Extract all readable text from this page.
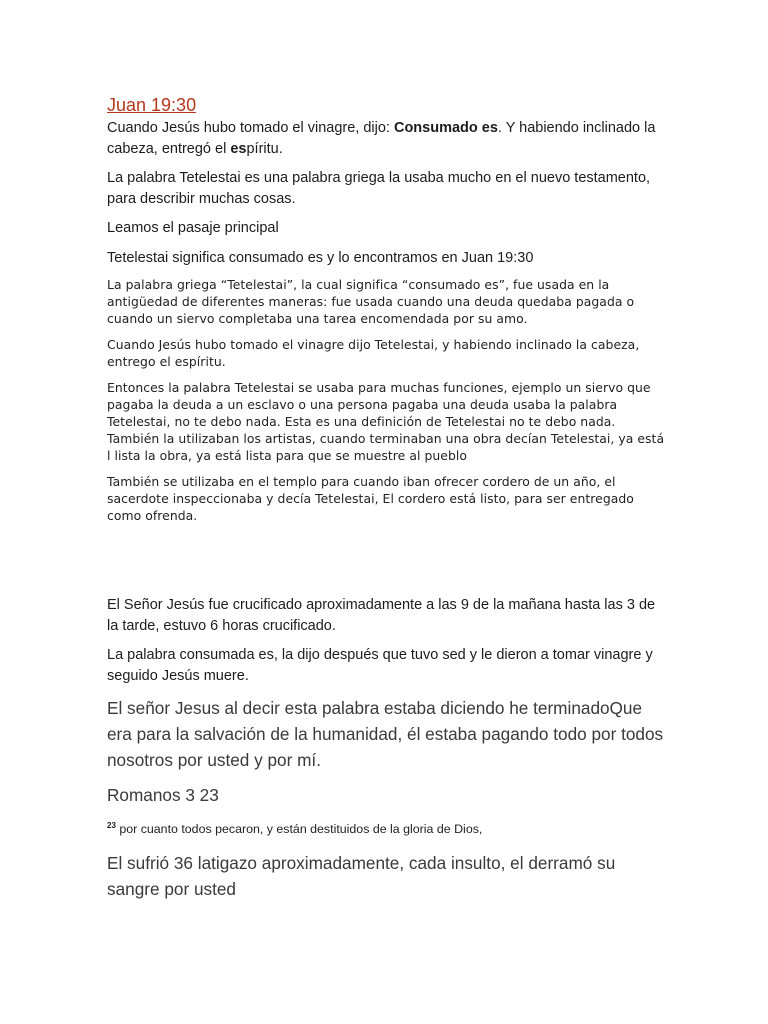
Juan 19:30

Cuando Jesús hubo tomado el vinagre, dijo: Consumado es. Y habiendo inclinado la cabeza, entregó el espíritu.

La palabra Tetelestai es una palabra griega la usaba mucho en el nuevo testamento, para describir muchas cosas.

Leamos el pasaje principal

Tetelestai significa consumado es y lo encontramos en Juan 19:30

La palabra griega “Tetelestai”, la cual significa “consumado es”, fue usada en la antigüedad de diferentes maneras: fue usada cuando una deuda quedaba pagada o cuando un siervo completaba una tarea encomendada por su amo.

Cuando Jesús hubo tomado el vinagre dijo Tetelestai, y habiendo inclinado la cabeza, entrego el espíritu.

Entonces la palabra Tetelestai se usaba para muchas funciones, ejemplo un siervo que pagaba la deuda a un esclavo o una persona pagaba una deuda usaba la palabra Tetelestai, no te debo nada. Esta es una definición de Tetelestai no te debo nada. También la utilizaban los artistas, cuando terminaban una obra decían Tetelestai, ya está l lista la obra, ya está lista para que se muestre al pueblo

También se utilizaba en el templo para cuando iban ofrecer cordero de un año, el sacerdote inspeccionaba y decía Tetelestai, El cordero está listo, para ser entregado como ofrenda.

El Señor Jesús fue crucificado aproximadamente a las 9 de la mañana hasta las 3 de la tarde, estuvo 6 horas crucificado.

La palabra consumada es, la dijo después que tuvo sed y le dieron a tomar vinagre y seguido Jesús muere.

El señor Jesus al decir esta palabra estaba diciendo he terminadoQue era para la salvación de la humanidad, él estaba pagando todo por todos nosotros por usted y por mí.

Romanos 3 23

$^{23}$ por cuanto todos pecaron, y están destituidos de la gloria de Dios,

El sufrió 36 latigazo aproximadamente, cada insulto, el derramó su sangre por usted
